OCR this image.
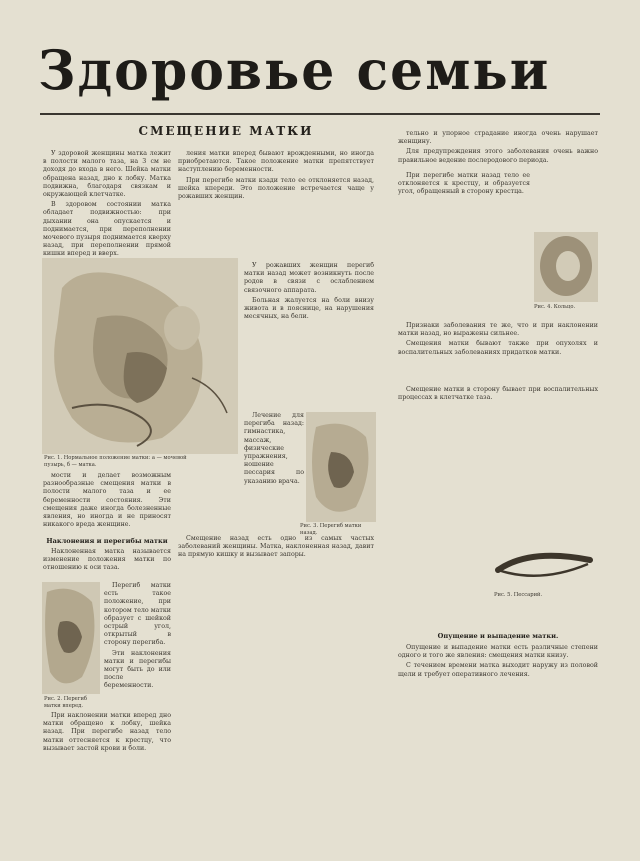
Здоровье семьи
СМЕЩЕНИЕ МАТКИ

У здоровой женщины матка лежит в полости малого таза, на 3 см не доходя до входа в него. Шейка матки обращена назад, дно к лобку. Матка подвижна, благодаря связкам и окружающей клетчатке.

В здоровом состоянии матка обладает подвижностью: при дыхании она опускается и поднимается, при переполнении мочевого пузыря поднимается кверху назад, при переполнении прямой кишки вперед и вверх.

Рис. 1. Нормальное положение матки: а — мочевой пузырь, б — матка.

мости и делает возможным разнообразные смещения матки в полости малого таза и ее беременности состояния. Эти смещения даже иногда болезненные явления, но иногда и не приносят никакого вреда женщине.

Наклонения и перегибы матки

Наклоненная матка называется изменение положения матки по отношению к оси таза.

Перегиб матки есть такое положение, при котором тело матки образует с шейкой острый угол, открытый в сторону перегиба.

Эти наклонения матки и перегибы могут быть до или после беременности.

Рис. 2. Перегиб матки вперед.

При наклонении матки вперед дно матки обращено к лобку, шейка назад. При перегибе назад тело матки оттесняется к крестцу, что вызывает застой крови и боли.

ления матки вперед бывают врожденными, но иногда приобретаются. Такое положение матки препятствует наступлению беременности.

При перегибе матки кзади тело ее отклоняется назад, шейка кпереди. Это положение встречается чаще у рожавших женщин.

У рожавших женщин перегиб матки назад может возникнуть после родов в связи с ослаблением связочного аппарата.

Больная жалуется на боли внизу живота и в пояснице, на нарушения месячных, на бели.

Лечение для перегиба назад: гимнастика, массаж, физические упражнения, ношение пессария по указанию врача.

Рис. 3. Перегиб матки назад.

Смещение назад есть одно из самых частых заболеваний женщины. Матка, наклоненная назад, давит на прямую кишку и вызывает запоры.

тельно и упорное страдание иногда очень нарушает женщину.

Для предупреждения этого заболевания очень важно правильное ведение послеродового периода.

При перегибе матки назад тело ее отклоняется к крестцу, и образуется угол, обращенный в сторону крестца.

Рис. 4. Кольцо.

Признаки заболевания те же, что и при наклонении матки назад, но выражены сильнее.

Смещения матки бывают также при опухолях и воспалительных заболеваниях придатков матки.

Смещение матки в сторону бывает при воспалительных процессах в клетчатке таза.

Рис. 5. Пессарий.
Опущение и выпадение матки.

Опущение и выпадение матки есть различные степени одного и того же явления: смещения матки книзу.

С течением времени матка выходит наружу из половой щели и требует оперативного лечения.
